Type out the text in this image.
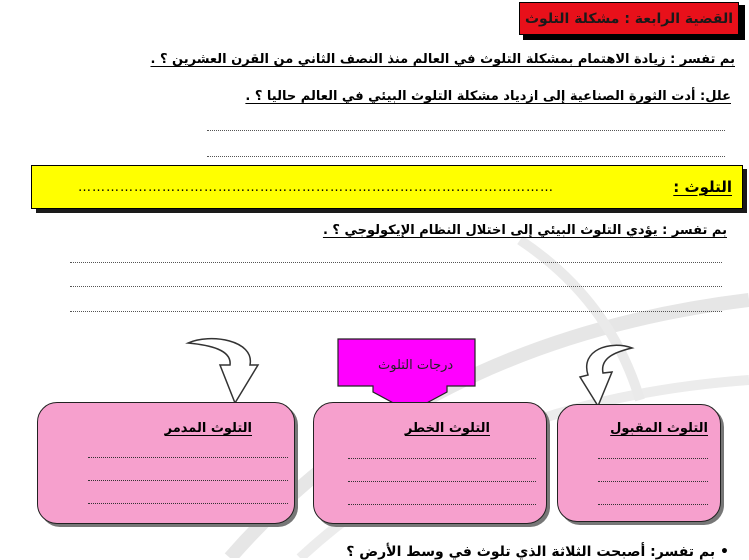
القضية الرابعة : مشكلة التلوث
بم تفسر : زيادة الاهتمام بمشكلة التلوث في العالم منذ النصف الثاني من القرن العشرين ؟ .
علل: أدت الثورة الصناعية إلى ازدياد مشكلة التلوث البيئي في العالم حاليا ؟ .
التلوث :
…………………………………………………………………………………………
بم تفسر : يؤدي التلوث البيئي إلى اختلال النظام الإيكولوجي ؟ .
درجات التلوث
التلوث المقبول
التلوث الخطر
التلوث المدمر
• بم تفسر: أصبحت الثلاثة الذي تلوث في وسط الأرض ؟
